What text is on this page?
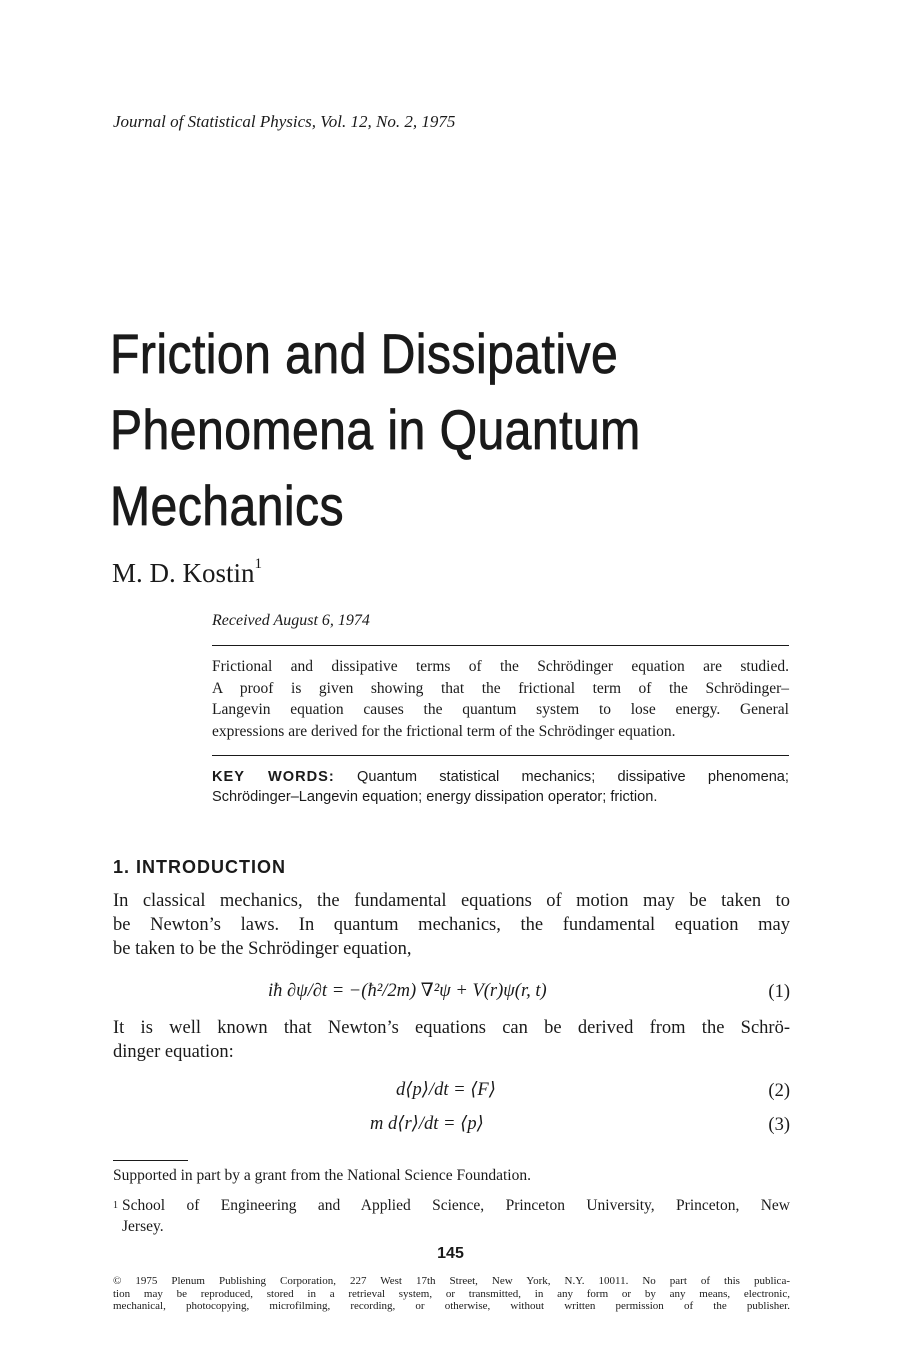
Journal of Statistical Physics, Vol. 12, No. 2, 1975
Friction and Dissipative
Phenomena in Quantum
Mechanics
M. D. Kostin$^1$
Received August 6, 1974
Frictional and dissipative terms of the Schrödinger equation are studied.
A proof is given showing that the frictional term of the Schrödinger–
Langevin equation causes the quantum system to lose energy. General
expressions are derived for the frictional term of the Schrödinger equation.
KEY WORDS: Quantum statistical mechanics; dissipative phenomena;
Schrödinger–Langevin equation; energy dissipation operator; friction.
1. INTRODUCTION
In classical mechanics, the fundamental equations of motion may be taken to
be Newton’s laws. In quantum mechanics, the fundamental equation may
be taken to be the Schrödinger equation,
iħ ∂ψ/∂t = −(ħ²/2m) ∇²ψ + V(r)ψ(r, t)	(1)
It is well known that Newton’s equations can be derived from the Schrö-
dinger equation:
d⟨p⟩/dt = ⟨F⟩	(2)
m d⟨r⟩/dt = ⟨p⟩	(3)
Supported in part by a grant from the National Science Foundation.
$^1$ School of Engineering and Applied Science, Princeton University, Princeton, New
Jersey.
145
© 1975 Plenum Publishing Corporation, 227 West 17th Street, New York, N.Y. 10011. No part of this publica-
tion may be reproduced, stored in a retrieval system, or transmitted, in any form or by any means, electronic,
mechanical, photocopying, microfilming, recording, or otherwise, without written permission of the publisher.
